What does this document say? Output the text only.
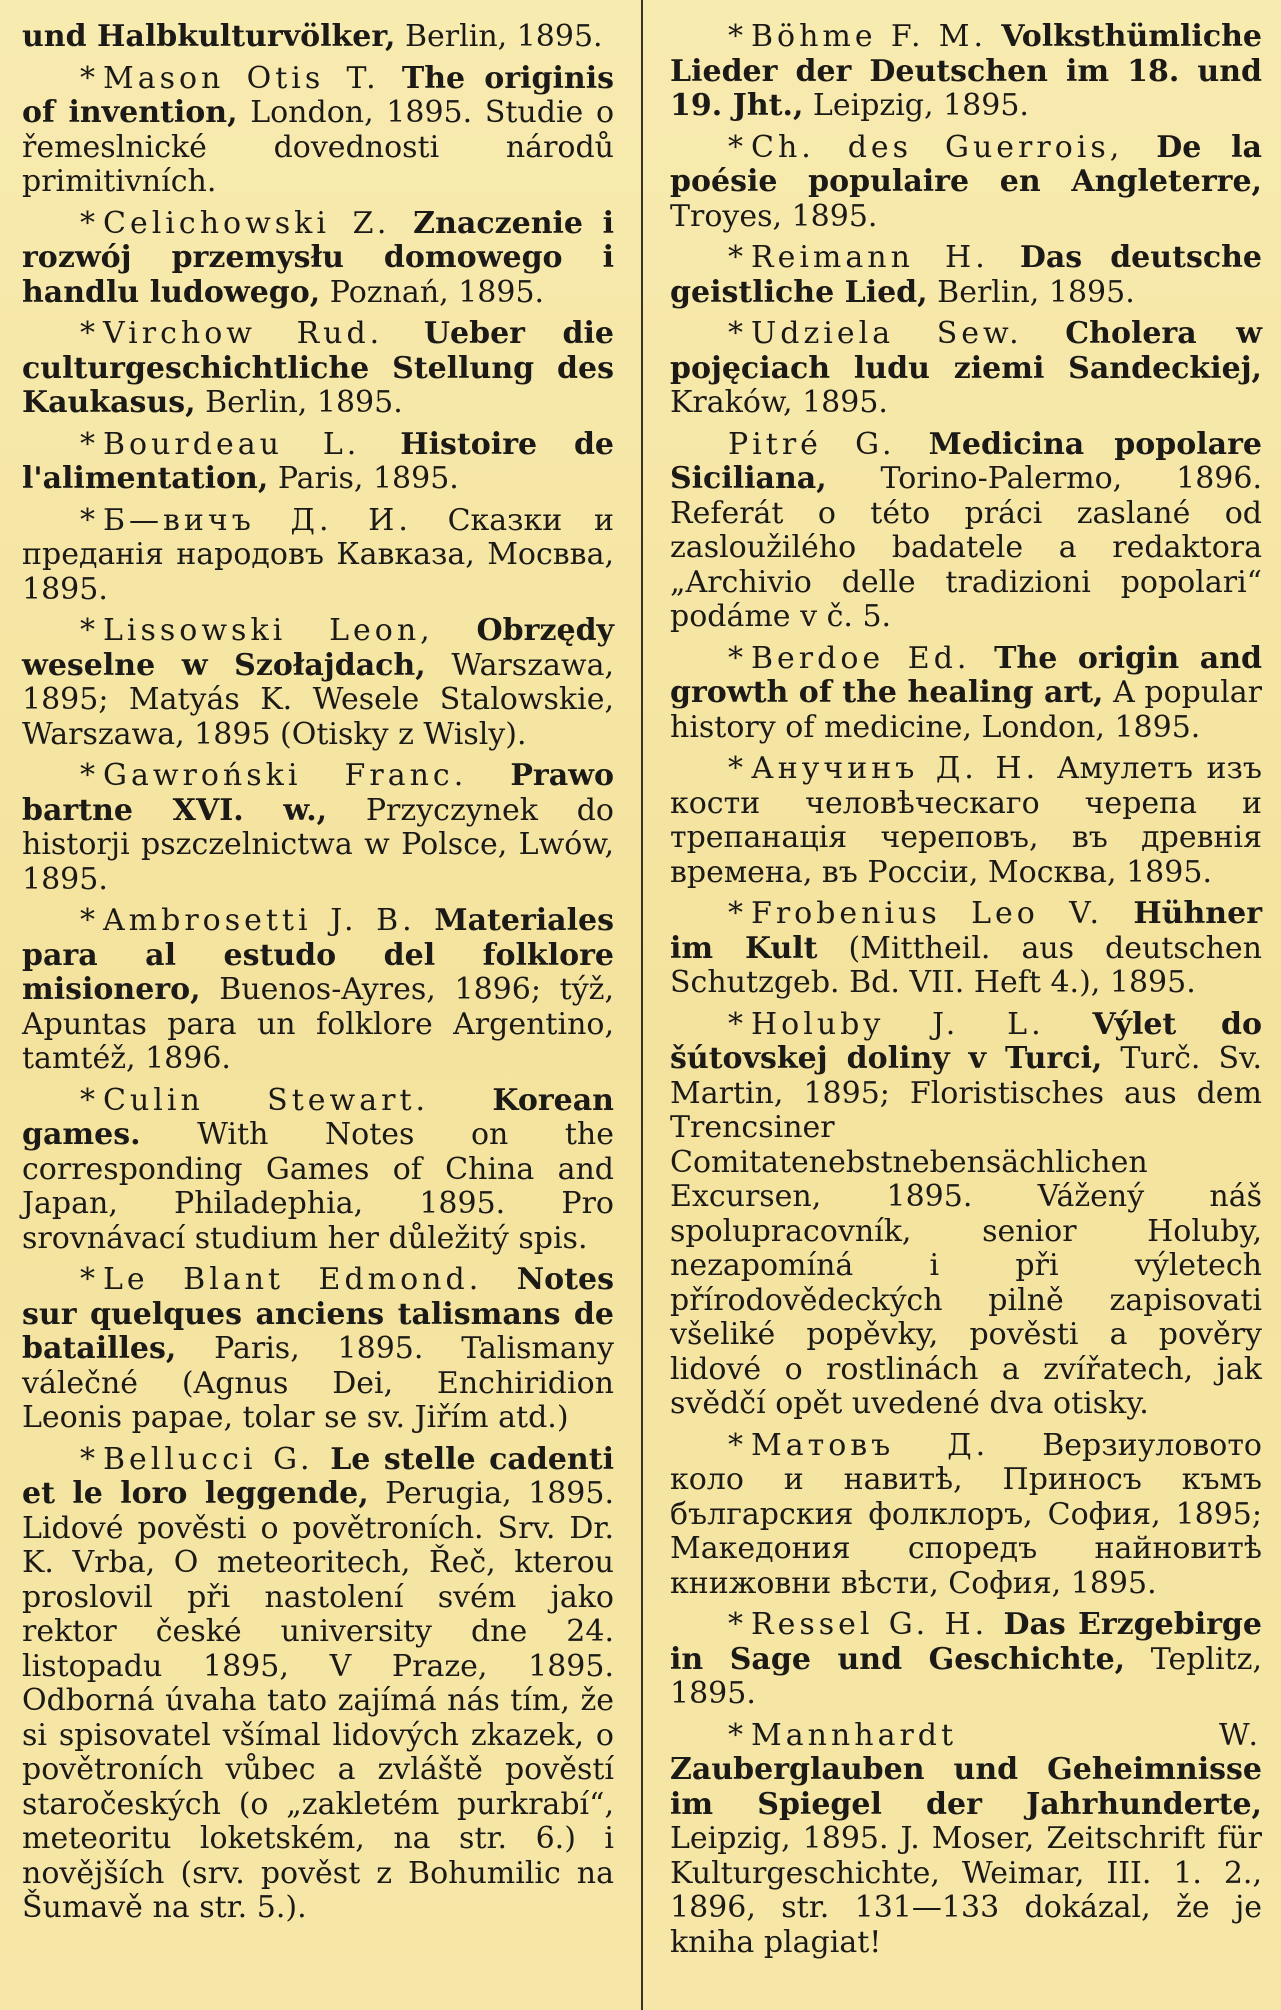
und Halbkulturvölker, Berlin, 1895.

* Mason Otis T. The originis of invention, London, 1895. Studie o řemeslnické dovednosti národů primitivních.

* Celichowski Z. Znaczenie i rozwój przemysłu domowego i handlu ludowego, Poznań, 1895.

* Virchow Rud. Ueber die culturgeschichtliche Stellung des Kaukasus, Berlin, 1895.

* Bourdeau L. Histoire de l'alimentation, Paris, 1895.

* Б—вичъ Д. И. Сказки и преданія народовъ Кавказа, Мосвва, 1895.

* Lissowski Leon, Obrzędy weselne w Szołajdach, Warszawa, 1895; Matyás K. Wesele Stalowskie, Warszawa, 1895 (Otisky z Wisly).

* Gawroński Franc. Prawo bartne XVI. w., Przyczynek do historji pszczelnictwa w Polsce, Lwów, 1895.

* Ambrosetti J. B. Materiales para al estudo del folklore misionero, Buenos-Ayres, 1896; týž, Apuntas para un folklore Argentino, tamtéž, 1896.

* Culin Stewart. Korean games. With Notes on the corresponding Games of China and Japan, Philadephia, 1895. Pro srovnávací studium her důležitý spis.

* Le Blant Edmond. Notes sur quelques anciens talismans de batailles, Paris, 1895. Talismany válečné (Agnus Dei, Enchiridion Leonis papae, tolar se sv. Jiřím atd.)

* Bellucci G. Le stelle cadenti et le loro leggende, Perugia, 1895. Lidové pověsti o povětroních. Srv. Dr. K. Vrba, O meteoritech, Řeč, kterou proslovil při nastolení svém jako rektor české university dne 24. listopadu 1895, V Praze, 1895. Odborná úvaha tato zajímá nás tím, že si spisovatel všímal lidových zkazek, o povětroních vůbec a zvláště pověstí staročeských (o „zakletém purkrabí“, meteoritu loketském, na str. 6.) i novějších (srv. pověst z Bohumilic na Šumavě na str. 5.).

* Böhme F. M. Volksthümliche Lieder der Deutschen im 18. und 19. Jht., Leipzig, 1895.

* Ch. des Guerrois, De la poésie populaire en Angleterre, Troyes, 1895.

* Reimann H. Das deutsche geistliche Lied, Berlin, 1895.

* Udziela Sew. Cholera w pojęciach ludu ziemi Sandeckiej, Kraków, 1895.

Pitré G. Medicina popolare Siciliana, Torino-Palermo, 1896. Referát o této práci zaslané od zasloužilého badatele a redaktora „Archivio delle tradizioni popolari“ podáme v č. 5.

* Berdoe Ed. The origin and growth of the healing art, A popular history of medicine, London, 1895.

* Анучинъ Д. Н. Амулетъ изъ кости человѣческаго черепа и трепанація череповъ, въ древнія времена, въ Россіи, Москва, 1895.

* Frobenius Leo V. Hühner im Kult (Mittheil. aus deutschen Schutzgeb. Bd. VII. Heft 4.), 1895.

* Holuby J. L. Výlet do šútovskej doliny v Turci, Turč. Sv. Martin, 1895; Floristisches aus dem Trencsiner Comitatenebstnebensächlichen Excursen, 1895. Vážený náš spolupracovník, senior Holuby, nezapomíná i při výletech přírodovědeckých pilně zapisovati všeliké popěvky, pověsti a pověry lidové o rostlinách a zvířatech, jak svědčí opět uvedené dva otisky.

* Матовъ Д. Верзиуловото коло и навитѣ, Приносъ къмъ българския фолклоръ, София, 1895; Македония споредъ найновитѣ книжовни вѣсти, София, 1895.

* Ressel G. H. Das Erzgebirge in Sage und Geschichte, Teplitz, 1895.

* Mannhardt W. Zauberglauben und Geheimnisse im Spiegel der Jahrhunderte, Leipzig, 1895. J. Moser, Zeitschrift für Kulturgeschichte, Weimar, III. 1. 2., 1896, str. 131—133 dokázal, že je kniha plagiat!
